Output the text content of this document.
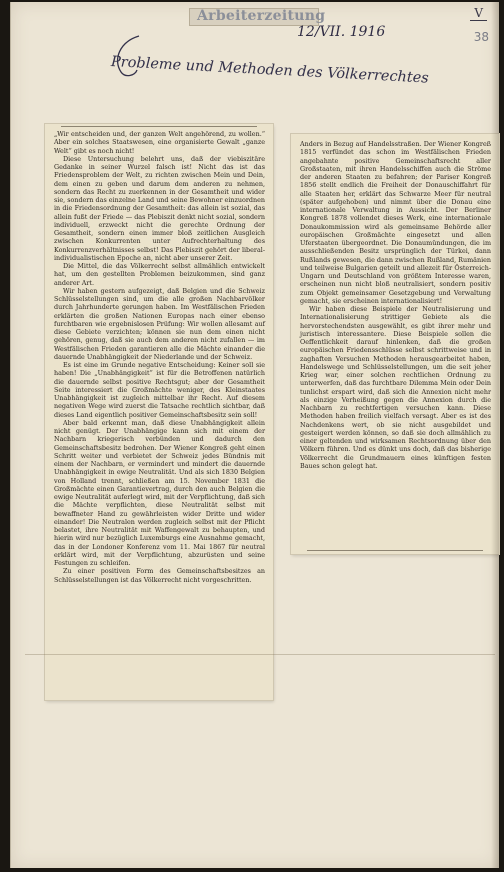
Arbeiterzeitung
12/VII. 1916
V
38
Probleme und Methoden des Völkerrechtes

„Wir entscheiden und, der ganzen Welt angehörend, zu wollen.“ Aber ein solches Staatswesen, eine organisierte Gewalt „ganze Welt“ gibt es noch nicht!

Diese Untersuchung belehrt uns, daß der viebiszitäre Gedanke in seiner Wurzel falsch ist! Nicht das ist das Friedensproblem der Welt, zu richten zwischen Mein und Dein, dem einen zu geben und darum dem anderen zu nehmen, sondern das Recht zu zuerkennen in der Gesamtheit und wider sie, sondern das einzelne Land und seine Bewohner einzuordnen in die Friedensordnung der Gesamtheit: das allein ist sozial, das allein fußt der Friede — das Plebiszit denkt nicht sozial, sondern individuell, erzweckt nicht die gerechte Ordnung der Gesamtheit, sondern einen immer bloß zeitlichen Ausgleich zwischen Konkurrenten unter Aufrechterhaltung des Konkurrenzverhältnisses selbst! Das Plebiszit gehört der liberal-individualistischen Epoche an, nicht aber unserer Zeit.

Die Mittel, die das Völkerrecht selbst allmählich entwickelt hat, um den gestellten Problemen beizukommen, sind ganz anderer Art.

Wir haben gestern aufgezeigt, daß Belgien und die Schweiz Schlüsselstellungen sind, um die alle großen Nachbarvölker durch Jahrhunderte gerungen haben. Im Westfälischen Frieden erklärten die großen Nationen Europas nach einer ebenso furchtbaren wie ergebnislosen Prüfung: Wir wollen allesamt auf diese Gebiete verzichten; können sie nun dem einen nicht gehören, genug, daß sie auch dem anderen nicht zufallen — im Westfälischen Frieden garantieren alle die Mächte einander die dauernde Unabhängigkeit der Niederlande und der Schweiz.

Es ist eine im Grunde negative Entscheidung: Keiner soll sie haben! Die „Unabhängigkeit“ ist für die Betroffenen natürlich die dauernde selbst positive Rechtsgut; aber der Gesamtheit Seite interessiert die Großmächte weniger, des Kleinstaates Unabhängigkeit ist zugleich mittelbar ihr Recht. Auf diesem negativen Wege wird zuerst die Tatsache rechtlich sichtbar, daß dieses Land eigentlich positiver Gemeinschaftsbesitz sein soll!

Aber bald erkennt man, daß diese Unabhängigkeit allein nicht genügt. Der Unabhängige kann sich mit einem der Nachbarn kriegerisch verbünden und dadurch den Gemeinschaftsbesitz bedrohen. Der Wiener Kongreß geht einen Schritt weiter und verbietet der Schweiz jedes Bündnis mit einem der Nachbarn, er vermindert und mindert die dauernde Unabhängigkeit in ewige Neutralität. Und als sich 1830 Belgien von Holland trennt, schließen am 15. November 1831 die Großmächte einen Garantievertrag, durch den auch Belgien die ewige Neutralität auferlegt wird, mit der Verpflichtung, daß sich die Mächte verpflichten, diese Neutralität selbst mit bewaffneter Hand zu gewährleisten wider Dritte und wider einander! Die Neutralen werden zugleich selbst mit der Pflicht belastet, ihre Neutralität mit Waffengewalt zu behaupten, und hierin wird nur bezüglich Luxemburgs eine Ausnahme gemacht, das in der Londoner Konferenz vom 11. Mai 1867 für neutral erklärt wird, mit der Verpflichtung, abzurüsten und seine Festungen zu schleifen.

Zu einer positiven Form des Gemeinschaftsbesitzes an Schlüsselstellungen ist das Völkerrecht nicht vorgeschritten.

Anders in Bezug auf Handelsstraßen. Der Wiener Kongreß 1815 verfündet das schon im Westfälischen Frieden angebahnte positive Gemeinschaftsrecht aller Großstaaten, mit ihren Handelsschiffen auch die Ströme der anderen Staaten zu befahren; der Pariser Kongreß 1856 stellt endlich die Freiheit der Donauschiffahrt für alle Staaten her, erklärt das Schwarze Meer für neutral (später aufgehoben) und nimmt über die Donau eine internationale Verwaltung in Aussicht. Der Berliner Kongreß 1878 vollendet dieses Werk, eine internationale Donaukommission wird als gemeinsame Behörde aller europäischen Großmächte eingesetzt und allen Uferstaaten übergeordnet. Die Donaumündungen, die im ausschließenden Besitz ursprünglich der Türkei, dann Rußlands gewesen, die dann zwischen Rußland, Rumänien und teilweise Bulgarien geteilt und allezeit für Österreich-Ungarn und Deutschland von größtem Interesse waren, erscheinen nun nicht bloß neutralisiert, sondern positiv zum Objekt gemeinsamer Gesetzgebung und Verwaltung gemacht, sie erscheinen internationalisiert!

Wir haben diese Beispiele der Neutralisierung und Internationalisierung strittiger Gebiete als die hervorstechendsten ausgewählt, es gibt ihrer mehr und juristisch interessantere. Diese Beispiele sollen die Oeffentlichkeit darauf hinlenken, daß die großen europäischen Friedensschlüsse selbst schrittweise und in zaghaften Versuchen Methoden herausgearbeitet haben, Handelswege und Schlüsselstellungen, um die seit jeher Krieg war, einer solchen rechtlichen Ordnung zu unterwerfen, daß das furchtbare Dilemma Mein oder Dein tunlichst erspart wird, daß sich die Annexion nicht mehr als einzige Verheißung gegen die Annexion durch die Nachbarn zu rechtfertigen versuchen kann. Diese Methoden haben freilich vielfach versagt. Aber es ist des Nachdenkens wert, ob sie nicht ausgebildet und gesteigert werden können, so daß sie doch allmählich zu einer geltenden und wirksamen Rechtsordnung über den Völkern führen. Und es dünkt uns doch, daß das bisherige Völkerrecht die Grundmauern eines künftigen festen Baues schon gelegt hat.
